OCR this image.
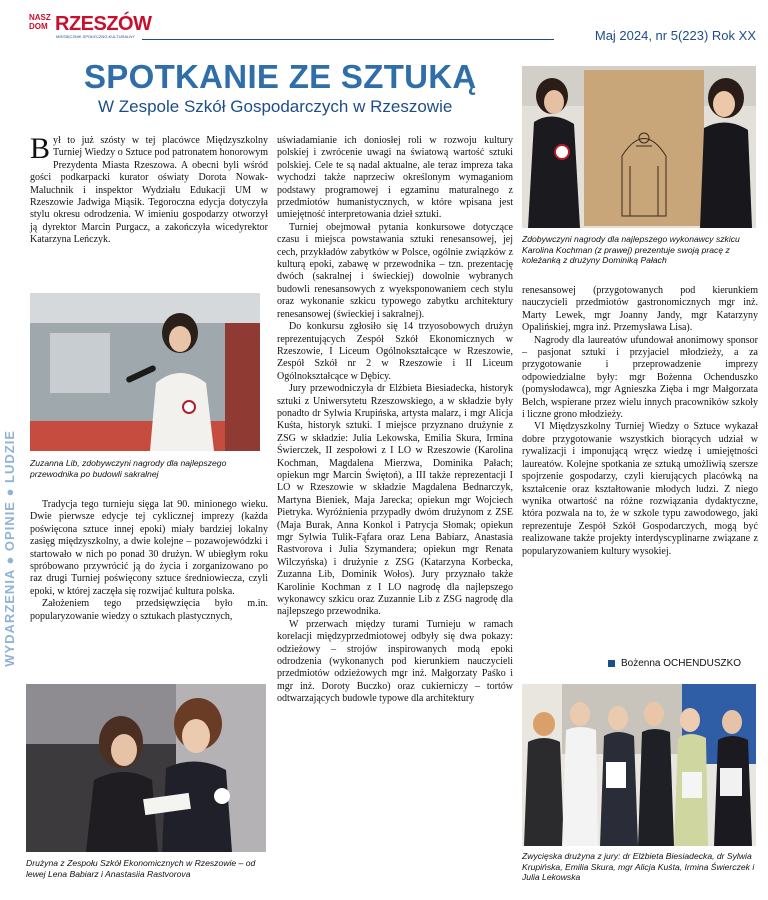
NASZ DOM RZESZÓW
MIESIĘCZNIK SPOŁECZNO-KULTURALNY	Maj 2024, nr 5(223) Rok XX
SPOTKANIE ZE SZTUKĄ
W Zespole Szkół Gospodarczych w Rzeszowie
WYDARZENIA ● OPINIE ● LUDZIE

Był to już szósty w tej placówce Międzyszkolny Turniej Wiedzy o Sztuce pod patronatem honorowym Prezydenta Miasta Rzeszowa. A obecni byli wśród gości podkarpacki kurator oświaty Dorota Nowak-Maluchnik i inspektor Wydziału Edukacji UM w Rzeszowie Jadwiga Miąsik. Tegoroczna edycja dotyczyła stylu okresu odrodzenia. W imieniu gospodarzy otworzył ją dyrektor Marcin Purgacz, a zakończyła wicedyrektor Katarzyna Leńczyk.

Zuzanna Lib, zdobywczyni nagrody dla najlepszego przewodnika po budowli sakralnej

Tradycja tego turnieju sięga lat 90. minionego wieku. Dwie pierwsze edycje tej cyklicznej imprezy (każda poświęcona sztuce innej epoki) miały bardziej lokalny zasięg międzyszkolny, a dwie kolejne – pozawojewódzki i startowało w nich po ponad 30 drużyn. W ubiegłym roku spróbowano przywrócić ją do życia i zorganizowano po raz drugi Turniej poświęcony sztuce średniowiecza, czyli epoki, w której zaczęła się rozwijać kultura polska.

Założeniem tego przedsięwzięcia było m.in. popularyzowanie wiedzy o sztukach plastycznych,

Drużyna z Zespołu Szkół Ekonomicznych w Rzeszowie – od lewej Lena Babiarz i Anastasiia Rastvorova

uświadamianie ich doniosłej roli w rozwoju kultury polskiej i zwrócenie uwagi na światową wartość sztuki polskiej. Cele te są nadal aktualne, ale teraz impreza taka wychodzi także naprzeciw określonym wymaganiom podstawy programowej i egzaminu maturalnego z przedmiotów humanistycznych, w które wpisana jest umiejętność interpretowania dzieł sztuki.

Turniej obejmował pytania konkursowe dotyczące czasu i miejsca powstawania sztuki renesansowej, jej cech, przykładów zabytków w Polsce, ogólnie związków z kulturą epoki, zabawę w przewodnika – tzn. prezentację dwóch (sakralnej i świeckiej) dowolnie wybranych budowli renesansowych z wyeksponowaniem cech stylu oraz wykonanie szkicu typowego zabytku architektury renesansowej (świeckiej i sakralnej).

Do konkursu zgłosiło się 14 trzyosobowych drużyn reprezentujących Zespół Szkół Ekonomicznych w Rzeszowie, I Liceum Ogólnokształcące w Rzeszowie, Zespół Szkół nr 2 w Rzeszowie i II Liceum Ogólnokształcące w Dębicy.

Jury przewodniczyła dr Elżbieta Biesiadecka, historyk sztuki z Uniwersytetu Rzeszowskiego, a w składzie były ponadto dr Sylwia Krupińska, artysta malarz, i mgr Alicja Kuśta, historyk sztuki. I miejsce przyznano drużynie z ZSG w składzie: Julia Lekowska, Emilia Skura, Irmina Świerczek, II zespołowi z I LO w Rzeszowie (Karolina Kochman, Magdalena Mierzwa, Dominika Pałach; opiekun mgr Marcin Świętoń), a III także reprezentacji I LO w Rzeszowie w składzie Magdalena Bednarczyk, Martyna Bieniek, Maja Jarecka; opiekun mgr Wojciech Pietryka. Wyróżnienia przypadły dwóm drużynom z ZSE (Maja Burak, Anna Konkol i Patrycja Słomak; opiekun mgr Sylwia Tulik-Fąfara oraz Lena Babiarz, Anastasia Rastvorova i Julia Szymandera; opiekun mgr Renata Wilczyńska) i drużynie z ZSG (Katarzyna Korbecka, Zuzanna Lib, Dominik Wołos). Jury przyznało także Karolinie Kochman z I LO nagrodę dla najlepszego wykonawcy szkicu oraz Zuzannie Lib z ZSG nagrodę dla najlepszego przewodnika.

W przerwach między turami Turnieju w ramach korelacji międzyprzedmiotowej odbyły się dwa pokazy: odzieżowy – strojów inspirowanych modą epoki odrodzenia (wykonanych pod kierunkiem nauczycieli przedmiotów odzieżowych mgr inż. Małgorzaty Paśko i mgr inż. Doroty Buczko) oraz cukierniczy – tortów odtwarzających budowle typowe dla architektury

Zdobywczyni nagrody dla najlepszego wykonawcy szkicu Karolina Kochman (z prawej) prezentuje swoją pracę z koleżanką z drużyny Dominiką Pałach

renesansowej (przygotowanych pod kierunkiem nauczycieli przedmiotów gastronomicznych mgr inż. Marty Lewek, mgr Joanny Jandy, mgr Katarzyny Opalińskiej, mgra inż. Przemysława Lisa).

Nagrody dla laureatów ufundował anonimowy sponsor – pasjonat sztuki i przyjaciel młodzieży, a za przygotowanie i przeprowadzenie imprezy odpowiedzialne były: mgr Bożenna Ochenduszko (pomysłodawca), mgr Agnieszka Zięba i mgr Małgorzata Belch, wspierane przez wielu innych pracowników szkoły i liczne grono młodzieży.

VI Międzyszkolny Turniej Wiedzy o Sztuce wykazał dobre przygotowanie wszystkich biorących udział w rywalizacji i imponującą wręcz wiedzę i umiejętności laureatów. Kolejne spotkania ze sztuką umożliwią szersze spojrzenie gospodarzy, czyli kierujących placówką na kształcenie oraz kształtowanie młodych ludzi. Z niego wynika otwartość na różne rozwiązania dydaktyczne, która pozwala na to, że w szkole typu zawodowego, jaki reprezentuje Zespół Szkół Gospodarczych, mogą być realizowane także projekty interdyscyplinarne związane z popularyzowaniem kultury wysokiej.

Bożenna OCHENDUSZKO
Zwycięska drużyna z jury: dr Elżbieta Biesiadecka, dr Sylwia Krupińska, Emilia Skura, mgr Alicja Kuśta, Irmina Świerczek i Julia Lekowska
